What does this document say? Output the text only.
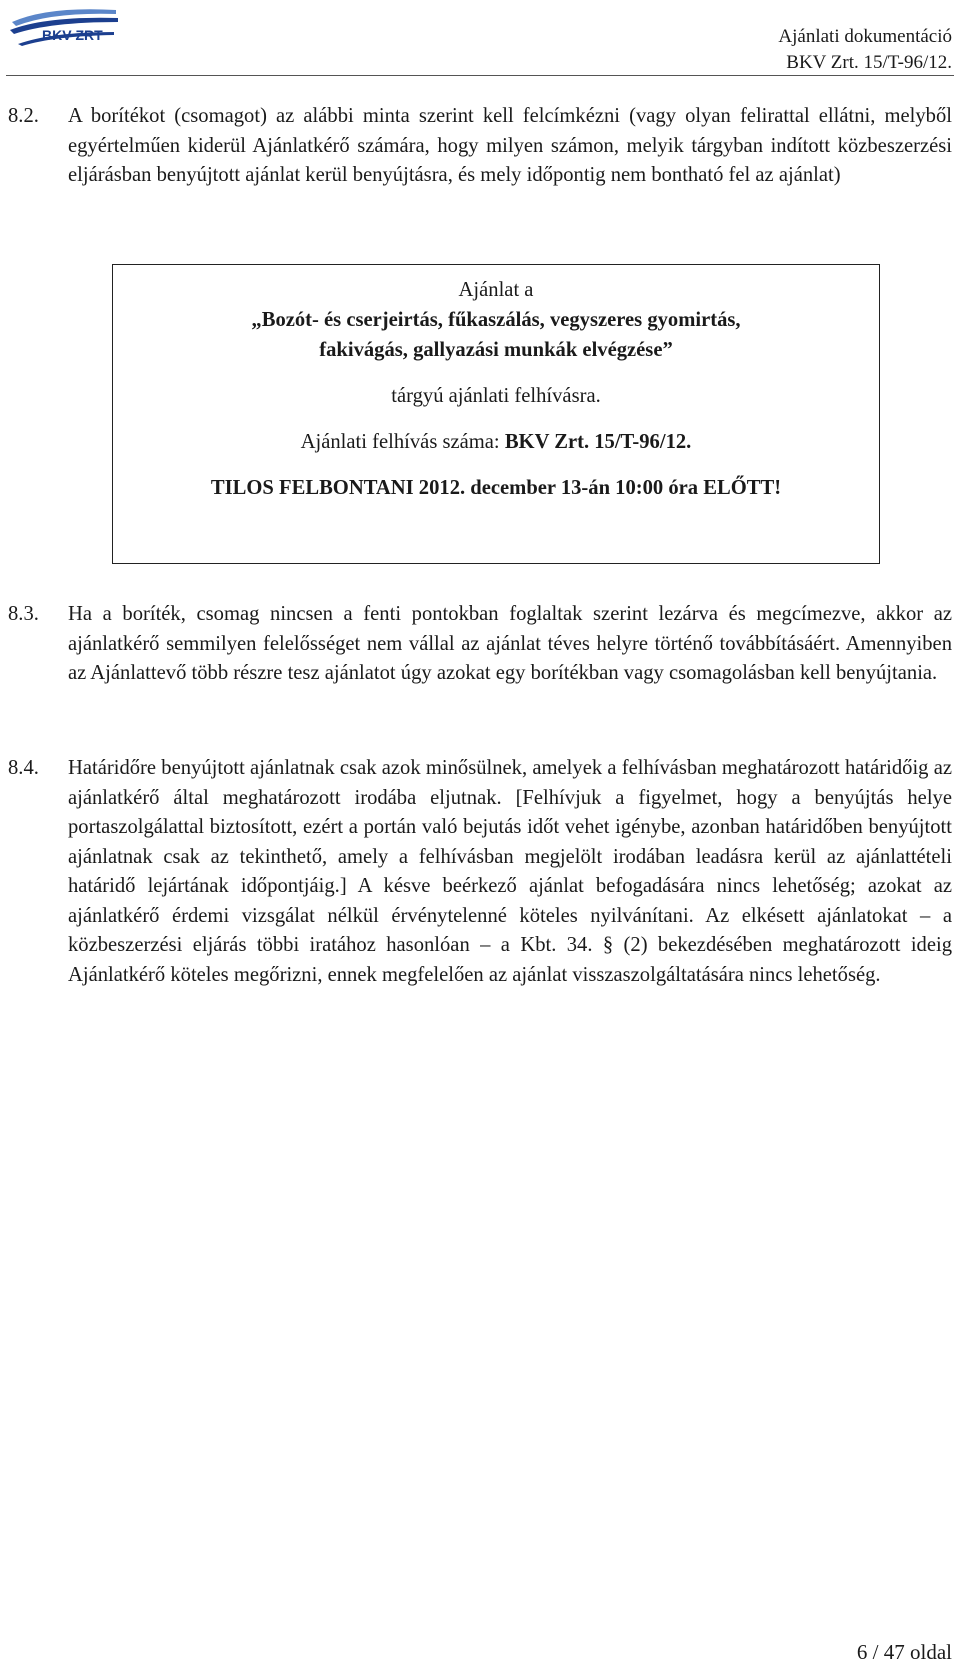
BKV ZRT	Ajánlati dokumentáció
BKV Zrt. 15/T-96/12.
8.2. A borítékot (csomagot) az alábbi minta szerint kell felcímkézni (vagy olyan felirattal ellátni, melyből egyértelműen kiderül Ajánlatkérő számára, hogy milyen számon, melyik tárgyban indított közbeszerzési eljárásban benyújtott ajánlat kerül benyújtásra, és mely időpontig nem bontható fel az ajánlat)
Ajánlat a
„Bozót- és cserjeirtás, fűkaszálás, vegyszeres gyomirtás,
fakivágás, gallyazási munkák elvégzése”
tárgyú ajánlati felhívásra.
Ajánlati felhívás száma: BKV Zrt. 15/T-96/12.
TILOS FELBONTANI 2012. december 13-án 10:00 óra ELŐTT!
8.3. Ha a boríték, csomag nincsen a fenti pontokban foglaltak szerint lezárva és megcímezve, akkor az ajánlatkérő semmilyen felelősséget nem vállal az ajánlat téves helyre történő továbbításáért. Amennyiben az Ajánlattevő több részre tesz ajánlatot úgy azokat egy borítékban vagy csomagolásban kell benyújtania.
8.4. Határidőre benyújtott ajánlatnak csak azok minősülnek, amelyek a felhívásban meghatározott határidőig az ajánlatkérő által meghatározott irodába eljutnak. [Felhívjuk a figyelmet, hogy a benyújtás helye portaszolgálattal biztosított, ezért a portán való bejutás időt vehet igénybe, azonban határidőben benyújtott ajánlatnak csak az tekinthető, amely a felhívásban megjelölt irodában leadásra kerül az ajánlattételi határidő lejártának időpontjáig.] A késve beérkező ajánlat befogadására nincs lehetőség; azokat az ajánlatkérő érdemi vizsgálat nélkül érvénytelenné köteles nyilvánítani. Az elkésett ajánlatokat – a közbeszerzési eljárás többi iratához hasonlóan – a Kbt. 34. § (2) bekezdésében meghatározott ideig Ajánlatkérő köteles megőrizni, ennek megfelelően az ajánlat visszaszolgáltatására nincs lehetőség.
6 / 47 oldal
